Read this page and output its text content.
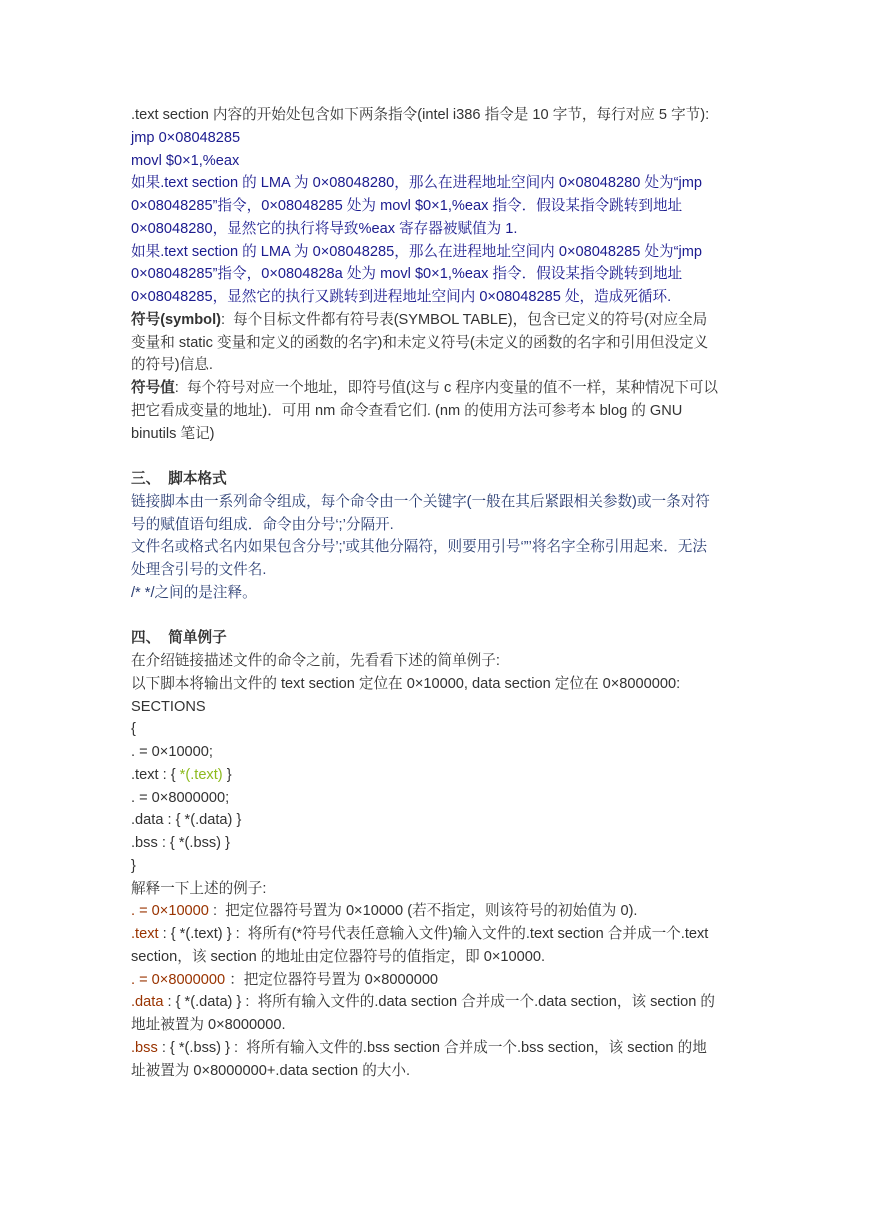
.text section 内容的开始处包含如下两条指令(intel i386 指令是 10 字节，每行对应 5 字节):
jmp 0×08048285
movl $0×1,%eax
如果.text section 的 LMA 为 0×08048280，那么在进程地址空间内 0×08048280 处为“jmp
0×08048285”指令，0×08048285 处为 movl $0×1,%eax 指令．假设某指令跳转到地址
0×08048280，显然它的执行将导致%eax 寄存器被赋值为 1.
如果.text section 的 LMA 为 0×08048285，那么在进程地址空间内 0×08048285 处为“jmp
0×08048285”指令，0×0804828a 处为 movl $0×1,%eax 指令．假设某指令跳转到地址
0×08048285，显然它的执行又跳转到进程地址空间内 0×08048285 处，造成死循环.
符号(symbol):  每个目标文件都有符号表(SYMBOL TABLE)，包含已定义的符号(对应全局
变量和 static 变量和定义的函数的名字)和未定义符号(未定义的函数的名字和引用但没定义
的符号)信息.
符号值:  每个符号对应一个地址，即符号值(这与 c 程序内变量的值不一样，某种情况下可以
把它看成变量的地址)．可用 nm 命令查看它们. (nm 的使用方法可参考本 blog 的 GNU
binutils 笔记)
三、  脚本格式
链接脚本由一系列命令组成，每个命令由一个关键字(一般在其后紧跟相关参数)或一条对符
号的赋值语句组成．命令由分号‘;’分隔开.
文件名或格式名内如果包含分号’;'或其他分隔符，则要用引号‘”’将名字全称引用起来．无法
处理含引号的文件名.
/* */之间的是注释。
四、  简单例子
在介绍链接描述文件的命令之前，先看看下述的简单例子:
以下脚本将输出文件的 text section 定位在 0×10000, data section 定位在 0×8000000:
SECTIONS
{
. = 0×10000;
.text : { *(.text) }
. = 0×8000000;
.data : { *(.data) }
.bss : { *(.bss) }
}
解释一下上述的例子:
. = 0×10000 :  把定位器符号置为 0×10000 (若不指定，则该符号的初始值为 0).
.text : { *(.text) } :  将所有(*符号代表任意输入文件)输入文件的.text section 合并成一个.text
section，该 section 的地址由定位器符号的值指定，即 0×10000.
. = 0×8000000 ：把定位器符号置为 0×8000000
.data : { *(.data) } :  将所有输入文件的.data section 合并成一个.data section，该 section 的
地址被置为 0×8000000.
.bss : { *(.bss) } :  将所有输入文件的.bss section 合并成一个.bss section，该 section 的地
址被置为 0×8000000+.data section 的大小.
